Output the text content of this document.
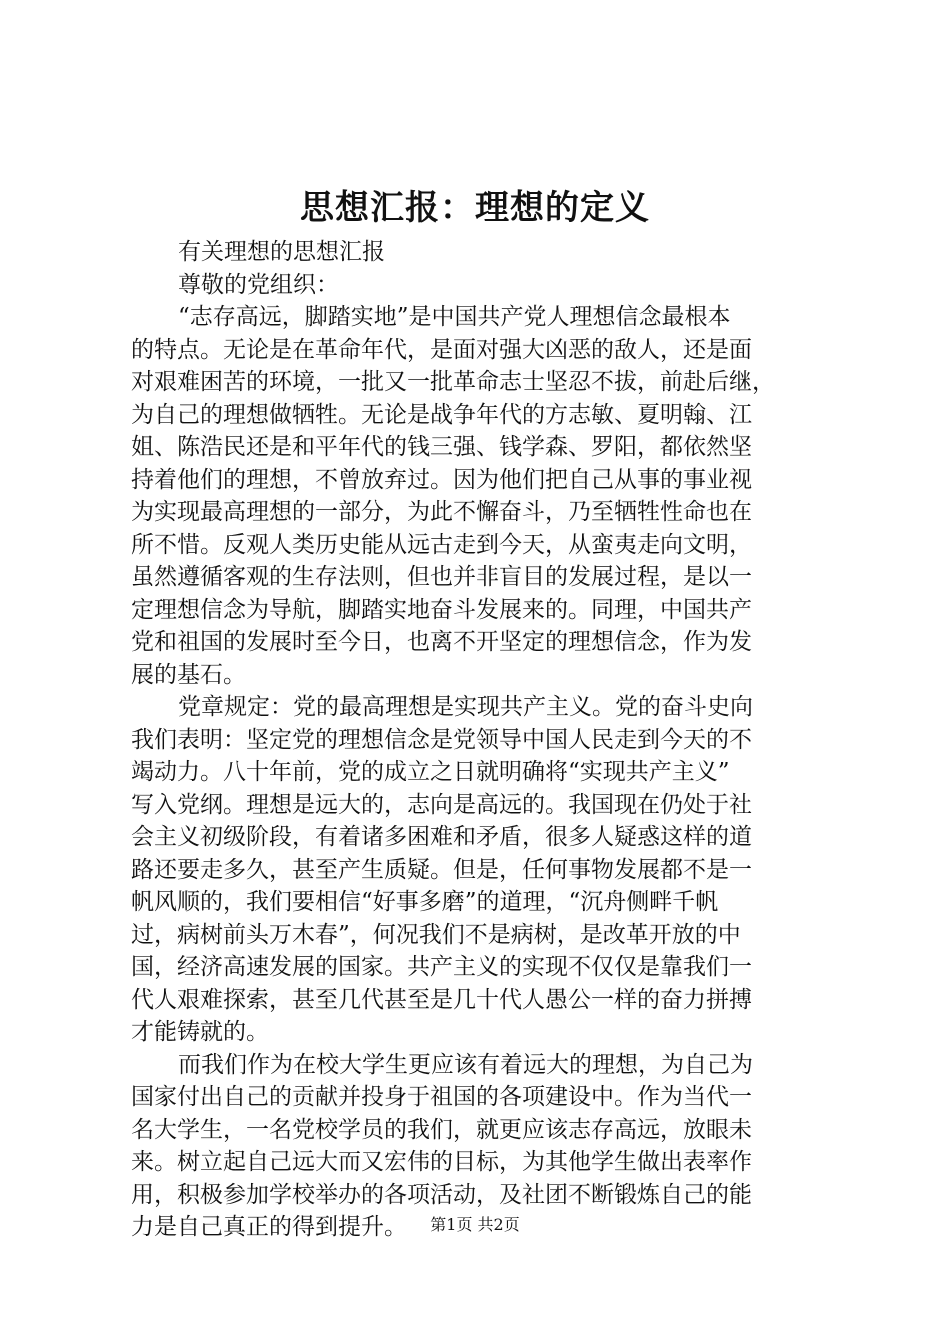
思想汇报：理想的定义
有关理想的思想汇报
尊敬的党组织：
“志存高远，脚踏实地”是中国共产党人理想信念最根本
的特点。无论是在革命年代，是面对强大凶恶的敌人，还是面
对艰难困苦的环境，一批又一批革命志士坚忍不拔，前赴后继，
为自己的理想做牺牲。无论是战争年代的方志敏、夏明翰、江
姐、陈浩民还是和平年代的钱三强、钱学森、罗阳，都依然坚
持着他们的理想，不曾放弃过。因为他们把自己从事的事业视
为实现最高理想的一部分，为此不懈奋斗，乃至牺牲性命也在
所不惜。反观人类历史能从远古走到今天，从蛮夷走向文明，
虽然遵循客观的生存法则，但也并非盲目的发展过程，是以一
定理想信念为导航，脚踏实地奋斗发展来的。同理，中国共产
党和祖国的发展时至今日，也离不开坚定的理想信念，作为发
展的基石。
党章规定：党的最高理想是实现共产主义。党的奋斗史向
我们表明：坚定党的理想信念是党领导中国人民走到今天的不
竭动力。八十年前，党的成立之日就明确将“实现共产主义”
写入党纲。理想是远大的，志向是高远的。我国现在仍处于社
会主义初级阶段，有着诸多困难和矛盾，很多人疑惑这样的道
路还要走多久，甚至产生质疑。但是，任何事物发展都不是一
帆风顺的，我们要相信“好事多磨”的道理，“沉舟侧畔千帆
过，病树前头万木春”，何况我们不是病树，是改革开放的中
国，经济高速发展的国家。共产主义的实现不仅仅是靠我们一
代人艰难探索，甚至几代甚至是几十代人愚公一样的奋力拼搏
才能铸就的。
而我们作为在校大学生更应该有着远大的理想，为自己为
国家付出自己的贡献并投身于祖国的各项建设中。作为当代一
名大学生，一名党校学员的我们，就更应该志存高远，放眼未
来。树立起自己远大而又宏伟的目标，为其他学生做出表率作
用，积极参加学校举办的各项活动，及社团不断锻炼自己的能
力是自己真正的得到提升。	第1页 共2页
